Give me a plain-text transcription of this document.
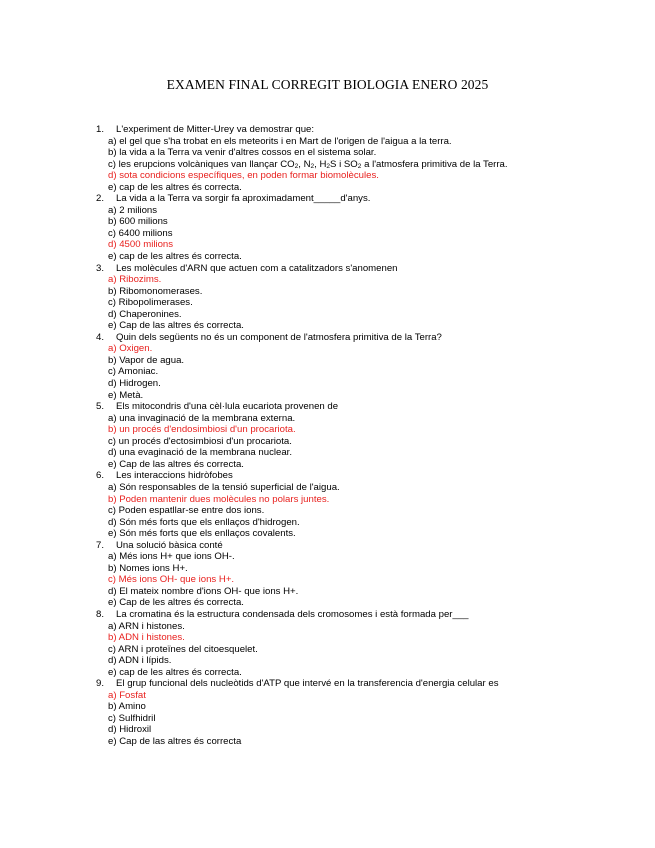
EXAMEN FINAL CORREGIT BIOLOGIA ENERO 2025
1. L'experiment de Mitter-Urey va demostrar que:
a) el gel que s'ha trobat en els meteorits i en Mart de l'origen de l'aigua a la terra.
b) la vida a la Terra va venir d'altres cossos en el sistema solar.
c) les erupcions volcàniques van llançar $CO_2$, $N_2$, $H_2S$ i $SO_2$ a l'atmosfera primitiva de la Terra.
d) sota condicions específiques, en poden formar biomolècules.
e) cap de les altres és correcta.
2. La vida a la Terra va sorgir fa aproximadament_____d'anys.
a) 2 milions
b) 600 milions
c) 6400 milions
d) 4500 milions
e) cap de les altres és correcta.
3. Les molècules d'ARN que actuen com a catalitzadors s'anomenen
a) Ribozims.
b) Ribomonomerases.
c) Ribopolimerases.
d) Chaperonines.
e) Cap de las altres és correcta.
4. Quin dels següents no és un component de l'atmosfera primitiva de la Terra?
a) Oxigen.
b) Vapor de agua.
c) Amoniac.
d) Hidrogen.
e) Metà.
5. Els mitocondris d'una cèl·lula eucariota provenen de
a) una invaginació de la membrana externa.
b) un procés d'endosimbiosi d'un procariota.
c) un procés d'ectosimbiosi d'un procariota.
d) una evaginació de la membrana nuclear.
e) Cap de las altres és correcta.
6. Les interaccions hidròfobes
a) Són responsables de la tensió superficial de l'aigua.
b) Poden mantenir dues molècules no polars juntes.
c) Poden espatllar-se entre dos ions.
d) Són més forts que els enllaços d'hidrogen.
e) Són més forts que els enllaços covalents.
7. Una solució bàsica conté
a) Més ions H+ que ions OH-.
b) Nomes ions H+.
c) Més ions OH- que ions H+.
d) El mateix nombre d'ions OH- que ions H+.
e) Cap de les altres és correcta.
8. La cromatina és la estructura condensada dels cromosomes i està formada per___
a) ARN i histones.
b) ADN i histones.
c) ARN i proteïnes del citoesquelet.
d) ADN i lípids.
e) cap de les altres és correcta.
9. El grup funcional dels nucleòtids d'ATP que intervé en la transferencia d'energia celular es
a) Fosfat
b) Amino
c) Sulfhidril
d) Hidroxil
e) Cap de las altres és correcta
